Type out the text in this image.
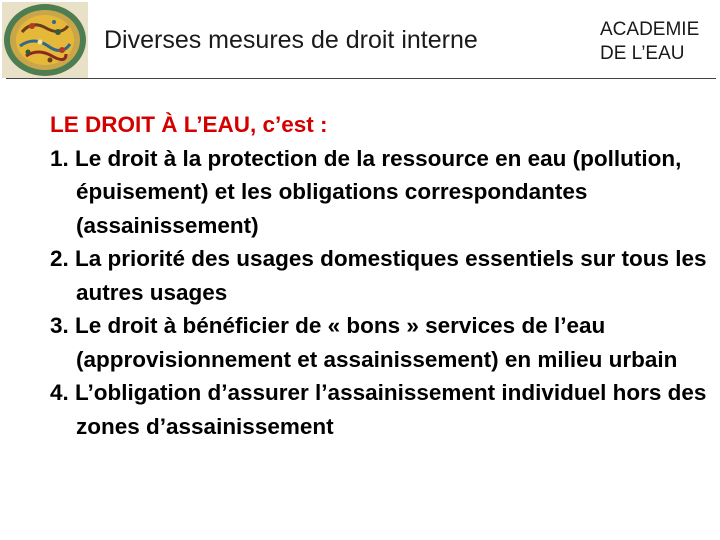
Diverses mesures de droit interne	ACADEMIE
DE L’EAU
LE DROIT À L’EAU, c’est :
1. Le droit à la protection de la ressource en eau (pollution, épuisement) et les obligations correspondantes (assainissement)
2. La priorité des usages domestiques essentiels sur tous les autres usages
3. Le droit à bénéficier de « bons » services de l’eau (approvisionnement et assainissement) en milieu urbain
4. L’obligation d’assurer l’assainissement individuel hors des zones d’assainissement
